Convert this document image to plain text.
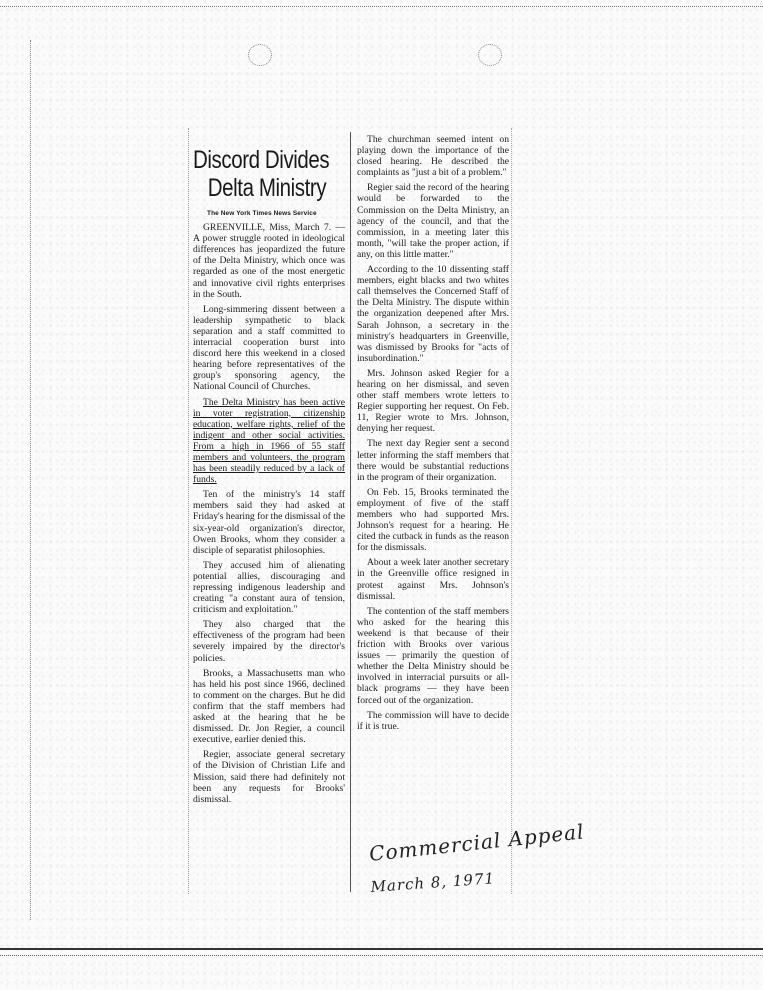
Discord Divides
Delta Ministry
The New York Times News Service

GREENVILLE, Miss, March 7. — A power struggle rooted in ideological differences has jeopardized the future of the Delta Ministry, which once was regarded as one of the most energetic and innovative civil rights enterprises in the South.

Long-simmering dissent between a leadership sympathetic to black separation and a staff committed to interracial cooperation burst into discord here this weekend in a closed hearing before representatives of the group's sponsoring agency, the National Council of Churches.

The Delta Ministry has been active in voter registration, citizenship education, welfare rights, relief of the indigent and other social activities. From a high in 1966 of 55 staff members and volunteers, the program has been steadily reduced by a lack of funds.

Ten of the ministry's 14 staff members said they had asked at Friday's hearing for the dismissal of the six-year-old organization's director, Owen Brooks, whom they consider a disciple of separatist philosophies.

They accused him of alienating potential allies, discouraging and repressing indigenous leadership and creating "a constant aura of tension, criticism and exploitation."

They also charged that the effectiveness of the program had been severely impaired by the director's policies.

Brooks, a Massachusetts man who has held his post since 1966, declined to comment on the charges. But he did confirm that the staff members had asked at the hearing that he be dismissed. Dr. Jon Regier, a council executive, earlier denied this.

Regier, associate general secretary of the Division of Christian Life and Mission, said there had definitely not been any requests for Brooks' dismissal.

The churchman seemed intent on playing down the importance of the closed hearing. He described the complaints as "just a bit of a problem."

Regier said the record of the hearing would be forwarded to the Commission on the Delta Ministry, an agency of the council, and that the commission, in a meeting later this month, "will take the proper action, if any, on this little matter."

According to the 10 dissenting staff members, eight blacks and two whites call themselves the Concerned Staff of the Delta Ministry. The dispute within the organization deepened after Mrs. Sarah Johnson, a secretary in the ministry's headquarters in Greenville, was dismissed by Brooks for "acts of insubordination."

Mrs. Johnson asked Regier for a hearing on her dismissal, and seven other staff members wrote letters to Regier supporting her request. On Feb. 11, Regier wrote to Mrs. Johnson, denying her request.

The next day Regier sent a second letter informing the staff members that there would be substantial reductions in the program of their organization.

On Feb. 15, Brooks terminated the employment of five of the staff members who had supported Mrs. Johnson's request for a hearing. He cited the cutback in funds as the reason for the dismissals.

About a week later another secretary in the Greenville office resigned in protest against Mrs. Johnson's dismissal.

The contention of the staff members who asked for the hearing this weekend is that because of their friction with Brooks over various issues — primarily the question of whether the Delta Ministry should be involved in interracial pursuits or all-black programs — they have been forced out of the organization.

The commission will have to decide if it is true.

Commercial Appeal
March 8, 1971
